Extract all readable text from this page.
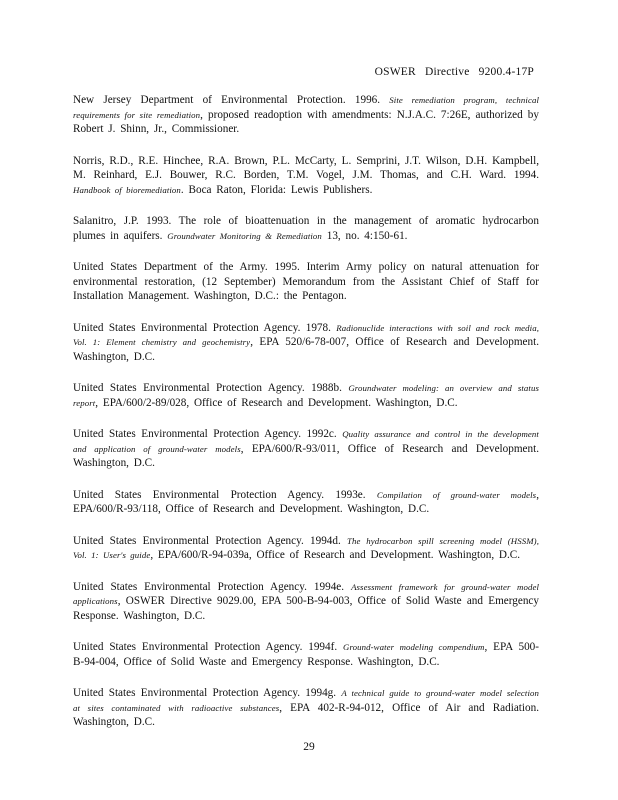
OSWER Directive 9200.4-17P

New Jersey Department of Environmental Protection. 1996. Site remediation program, technical requirements for site remediation, proposed readoption with amendments: N.J.A.C. 7:26E, authorized by Robert J. Shinn, Jr., Commissioner.

Norris, R.D., R.E. Hinchee, R.A. Brown, P.L. McCarty, L. Semprini, J.T. Wilson, D.H. Kampbell, M. Reinhard, E.J. Bouwer, R.C. Borden, T.M. Vogel, J.M. Thomas, and C.H. Ward. 1994. Handbook of bioremediation. Boca Raton, Florida: Lewis Publishers.

Salanitro, J.P. 1993. The role of bioattenuation in the management of aromatic hydrocarbon plumes in aquifers. Groundwater Monitoring & Remediation 13, no. 4:150-61.

United States Department of the Army. 1995. Interim Army policy on natural attenuation for environmental restoration, (12 September) Memorandum from the Assistant Chief of Staff for Installation Management. Washington, D.C.: the Pentagon.

United States Environmental Protection Agency. 1978. Radionuclide interactions with soil and rock media, Vol. 1: Element chemistry and geochemistry, EPA 520/6-78-007, Office of Research and Development. Washington, D.C.

United States Environmental Protection Agency. 1988b. Groundwater modeling: an overview and status report, EPA/600/2-89/028, Office of Research and Development. Washington, D.C.

United States Environmental Protection Agency. 1992c. Quality assurance and control in the development and application of ground-water models, EPA/600/R-93/011, Office of Research and Development. Washington, D.C.

United States Environmental Protection Agency. 1993e. Compilation of ground-water models, EPA/600/R-93/118, Office of Research and Development. Washington, D.C.

United States Environmental Protection Agency. 1994d. The hydrocarbon spill screening model (HSSM), Vol. 1: User's guide, EPA/600/R-94-039a, Office of Research and Development. Washington, D.C.

United States Environmental Protection Agency. 1994e. Assessment framework for ground-water model applications, OSWER Directive 9029.00, EPA 500-B-94-003, Office of Solid Waste and Emergency Response. Washington, D.C.

United States Environmental Protection Agency. 1994f. Ground-water modeling compendium, EPA 500-B-94-004, Office of Solid Waste and Emergency Response. Washington, D.C.

United States Environmental Protection Agency. 1994g. A technical guide to ground-water model selection at sites contaminated with radioactive substances, EPA 402-R-94-012, Office of Air and Radiation. Washington, D.C.

29
